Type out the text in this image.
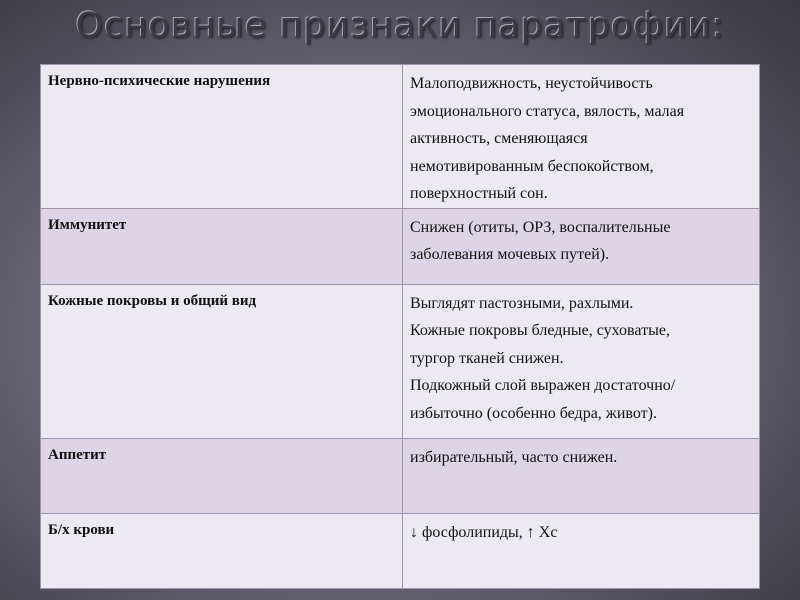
Основные признаки паратрофии:
Нервно-психические нарушения	Малоподвижность, неустойчивость
эмоционального статуса, вялость, малая
активность, сменяющаяся
немотивированным беспокойством,
поверхностный сон.

Иммунитет	Снижен (отиты, ОРЗ, воспалительные
заболевания мочевых путей).

Кожные покровы и общий вид	Выглядят пастозными, рахлыми.
Кожные покровы бледные, суховатые,
тургор тканей снижен.
Подкожный слой выражен достаточно/
избыточно (особенно бедра, живот).

Аппетит	избирательный, часто снижен.

Б/х крови	↓ фосфолипиды, ↑ Хс
